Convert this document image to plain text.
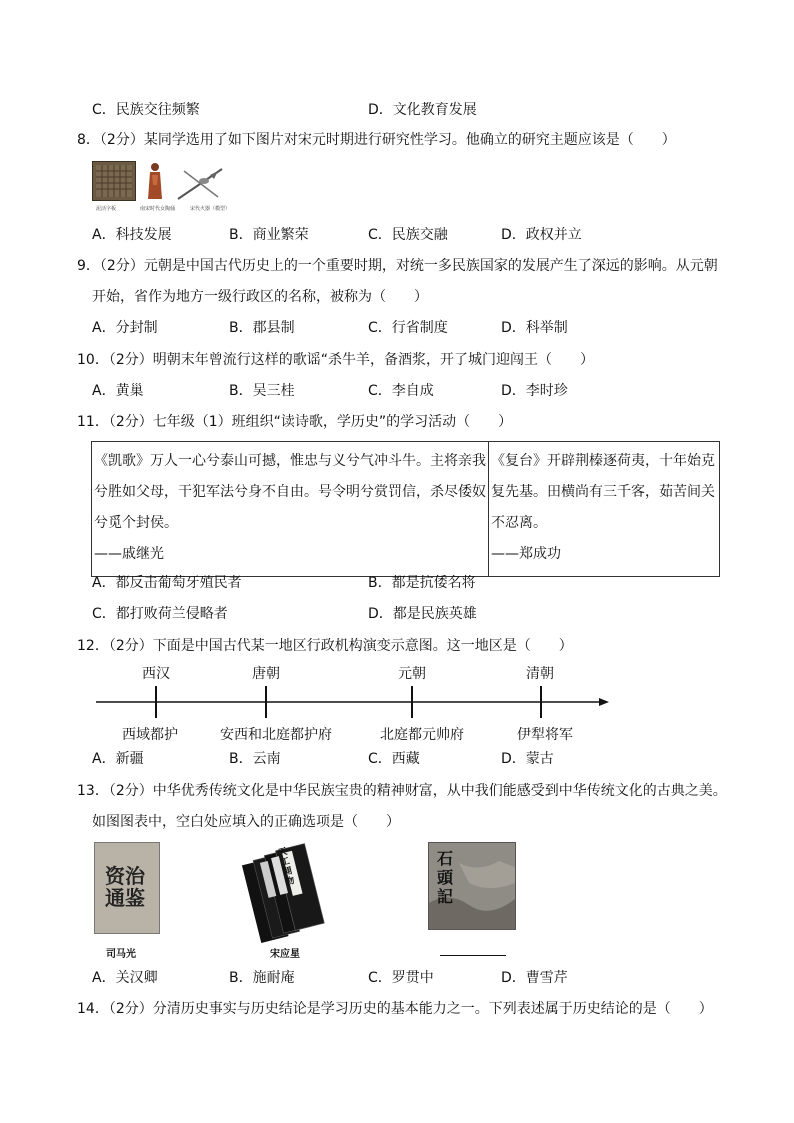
C．民族交往频繁	D．文化教育发展
8．（2分）某同学选用了如下图片对宋元时期进行研究性学习。他确立的研究主题应该是（　　）
泥活字板	南宋时代女陶俑	宋代火器（模型）
A．科技发展	B．商业繁荣	C．民族交融	D．政权并立
9．（2分）元朝是中国古代历史上的一个重要时期，对统一多民族国家的发展产生了深远的影响。从元朝
开始，省作为地方一级行政区的名称，被称为（　　）
A．分封制	B．郡县制	C．行省制度	D．科举制
10．（2分）明朝末年曾流行这样的歌谣“杀牛羊，备酒浆，开了城门迎闯王（　　）
A．黄巢	B．吴三桂	C．李自成	D．李时珍
11．（2分）七年级（1）班组织“读诗歌，学历史”的学习活动（　　）
《凯歌》万人一心兮泰山可撼，惟忠与义兮气冲斗牛。主将亲我
兮胜如父母，干犯军法兮身不自由。号令明兮赏罚信，杀尽倭奴
兮觅个封侯。
——戚继光

《复台》开辟荆榛逐荷夷，十年始克
复先基。田横尚有三千客，茹苦间关
不忍离。
——郑成功
A．都反击葡萄牙殖民者	B．都是抗倭名将
C．都打败荷兰侵略者	D．都是民族英雄
12．（2分）下面是中国古代某一地区行政机构演变示意图。这一地区是（　　）
西汉	唐朝	元朝	清朝
西域都护	安西和北庭都护府	北庭都元帅府	伊犁将军
A．新疆	B．云南	C．西藏	D．蒙古
13．（2分）中华优秀传统文化是中华民族宝贵的精神财富，从中我们能感受到中华传统文化的古典之美。
如图图表中，空白处应填入的正确选项是（　　）
资治通鉴
司马光
天工開物
宋应星
石頭記
A．关汉卿	B．施耐庵	C．罗贯中	D．曹雪芹
14．（2分）分清历史事实与历史结论是学习历史的基本能力之一。下列表述属于历史结论的是（　　）
